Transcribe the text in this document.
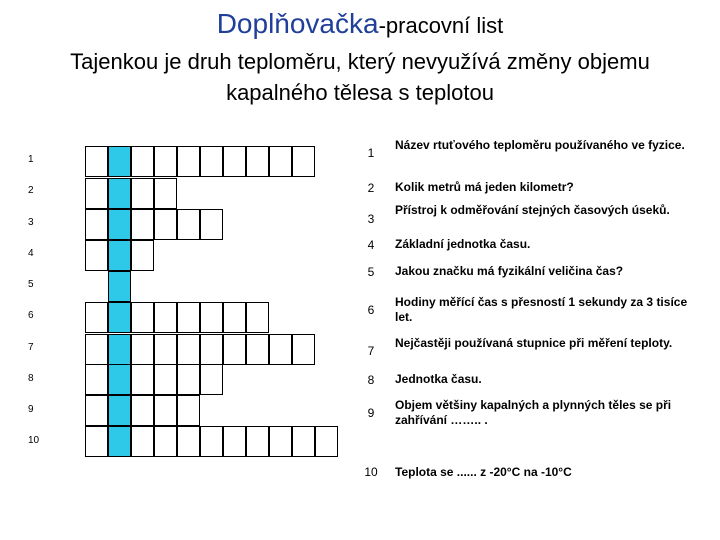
Doplňovačka-pracovní list
Tajenkou je druh teploměru, který nevyužívá změny objemu
kapalného tělesa s teplotou
1
2
3
4
5
6
7
8
9
10
1
2
3
4
5
6
7
8
9
10
Název rtuťového teploměru používaného ve fyzice.
Kolik metrů má jeden kilometr?
Přístroj k odměřování stejných časových úseků.
Základní jednotka času.
Jakou značku má fyzikální veličina čas?
Hodiny měřící čas s přesností 1 sekundy za 3 tisíce let.
Nejčastěji používaná stupnice při měření teploty.
Jednotka času.
Objem většiny kapalných a plynných těles se při zahřívání …….. .
Teplota se ...... z -20°C na -10°C
